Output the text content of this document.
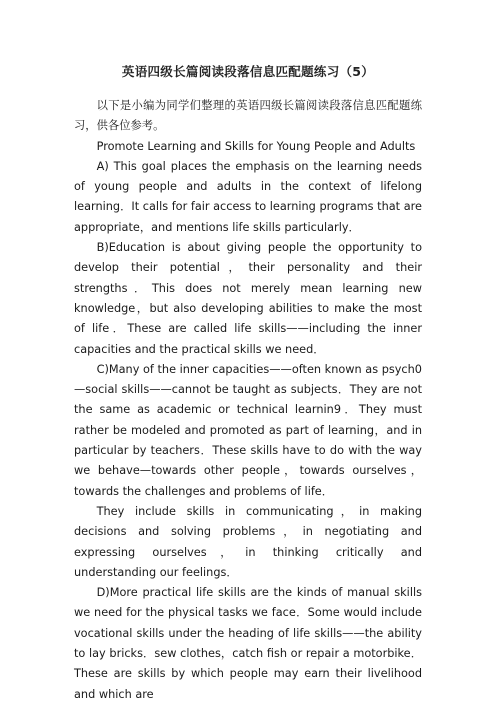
英语四级长篇阅读段落信息匹配题练习（5）

以下是小编为同学们整理的英语四级长篇阅读段落信息匹配题练习，供各位参考。

Promote Learning and Skills for Young People and Adults

A) This goal places the emphasis on the learning needs of young people and adults in the context of lifelong learning．It calls for fair access to learning programs that are appropriate，and mentions life skills particularly．

B)Education is about giving people the opportunity to develop their potential，their personality and their strengths．This does not merely mean learning new knowledge，but also developing abilities to make the most of life．These are called life skills——including the inner capacities and the practical skills we need．

C)Many of the inner capacities——often known as psych0—social skills——cannot be taught as subjects．They are not the same as academic or technical learnin9．They must rather be modeled and promoted as part of learning，and in particular by teachers．These skills have to do with the way we behave—towards other people，towards ourselves，towards the challenges and problems of life．

They include skills in communicating，in making decisions and solving problems，in negotiating and expressing ourselves，in thinking critically and understanding our feelings．

D)More practical life skills are the kinds of manual skills we need for the physical tasks we face．Some would include vocational skills under the heading of life skills——the ability to lay bricks．sew clothes，catch fish or repair a motorbike．These are skills by which people may earn their livelihood and which are
